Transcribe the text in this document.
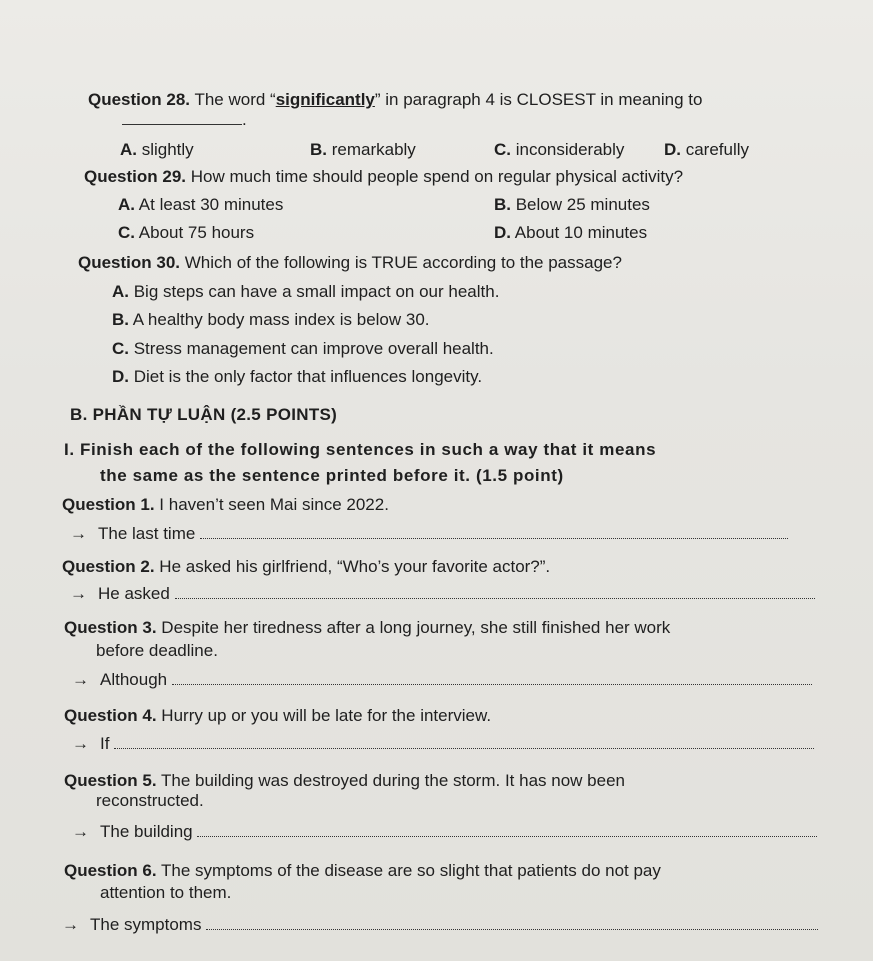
Question 28. The word “significantly” in paragraph 4 is CLOSEST in meaning to
.
A. slightly	B. remarkably	C. inconsiderably D. carefully
Question 29. How much time should people spend on regular physical activity?
A. At least 30 minutes	B. Below 25 minutes
C. About 75 hours	D. About 10 minutes
Question 30. Which of the following is TRUE according to the passage?
A. Big steps can have a small impact on our health.
B. A healthy body mass index is below 30.
C. Stress management can improve overall health.
D. Diet is the only factor that influences longevity.
B. PHẦN TỰ LUẬN (2.5 POINTS)
I. Finish each of the following sentences in such a way that it means
the same as the sentence printed before it. (1.5 point)
Question 1. I haven’t seen Mai since 2022.
→ The last time
Question 2. He asked his girlfriend, “Who’s your favorite actor?”.
→ He asked
Question 3. Despite her tiredness after a long journey, she still finished her work
before deadline.
→ Although
Question 4. Hurry up or you will be late for the interview.
→ If
Question 5. The building was destroyed during the storm. It has now been
reconstructed.
→ The building
Question 6. The symptoms of the disease are so slight that patients do not pay
attention to them.
→ The symptoms
